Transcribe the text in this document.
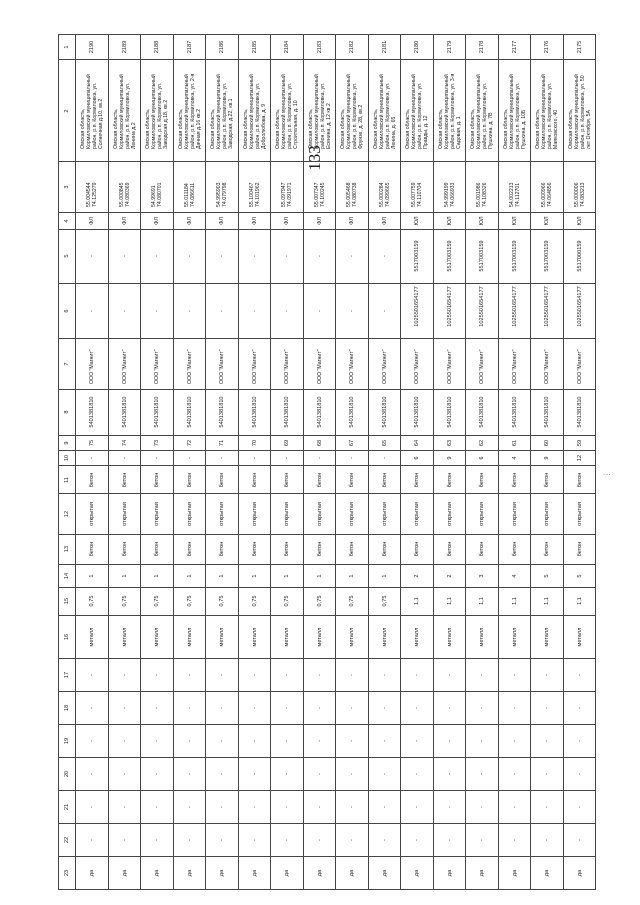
133
1	2190	2189	2188	2187	2186	2185	2184	2183	2182	2181	2180	2179	2178	2177	2176	2175

2	Омская область, Кормиловский муниципальный район, р.п. Кормиловка, ул. Солнечная д.10, кв.2	Омская область, Кормиловский муниципальный район, р.п. Кормиловка, ул. Ленина д.2	Омская область, Кормиловский муниципальный район, р.п. Кормиловка, ул. Заводская д.18, кв.2	Омская область, Кормиловский муниципальный район, р.п. Кормиловка, ул. 2-я Дачная д.16 кв.2	Омская область, Кормиловский муниципальный район, р.п. Кормиловка, ул. Заводская, д.22, кв.1	Омская область, Кормиловский муниципальный район, р.п. Кормиловка, ул. Добролюбова, д. 9	Омская область, Кормиловский муниципальный район, р.п. Кормиловка, ул. Строительная, д. 10	Омская область, Кормиловский муниципальный район, р.п. Кормиловка, ул. Есенина, д. 12 кв.2	Омская область, Кормиловский муниципальный район, р.п. Кормиловка, ул. Фрунзе, д. 28, кв.2	Омская область, Кормиловский муниципальный район, р.п. Кормиловка, ул. Ленина, д. 65	Омская область, Кормиловский муниципальный район, р.п. Кормиловка, ул. Правды, д. 12	Омская область, Кормиловский муниципальный район, р.п. Кормиловка, ул. 3-я Садовая, д. 1	Омская область, Кормиловский муниципальный район, р.п. Кормиловка, ул. Пушкина, д. 7В	Омская область, Кормиловский муниципальный район, р.п. Кормиловка, ул. Пушкина, д. 10Б	Омская область, Кормиловский муниципальный район, р.п. Кормиловка, ул. Маяковского, 40	Омская область, Кормиловский муниципальный район, р.п. Кормиловка, ул. 50 лет Октября, 5А

3	55.004544 74.125279	55.000845 74.080369	54.99691 74.080701	55.011184 74.086611	54.995903 74.079798	55.100467 74.101962	55.097947 74.091971	55.007347 74.100245	55.005468 74.080738	55.000284 74.099665	55.007759 74.110704	54.999199 74.066933	55.001986 74.108326	54.002213 74.112701	55.000966 74.064856	55.000006 74.083213

4	ФЛ	ФЛ	ФЛ	ФЛ	ФЛ	ФЛ	ФЛ	ФЛ	ФЛ	ФЛ	ЮЛ	ЮЛ	ЮЛ	ЮЛ	ЮЛ	ЮЛ

5	-	-	-	-	-	-	-	-	-	-	5517003159	5517003159	5517003159	5517003159	5517003159	5517000159

6	-	-	-	-	-	-	-	-	-	-	1025501654177	1025501654177	1025501654177	1025501654177	1025501654177	1025501654177

7	ООО "Магнит"	ООО "Магнит"	ООО "Магнит"	ООО "Магнит"	ООО "Магнит"	ООО "Магнит"	ООО "Магнит"	ООО "Магнит"	ООО "Магнит"	ООО "Магнит"	ООО "Магнит"	ООО "Магнит"	ООО "Магнит"	ООО "Магнит"	ООО "Магнит"	ООО "Магнит"

8	5401381810	5401381810	5401381810	5401381810	5401381810	5401381810	5401381810	5401381810	5401381810	5401381810	5401381810	5401381810	5401381810	5401381810	5401381810	5401381810

9	75	74	73	72	71	70	69	68	67	65	64	63	62	61	60	59

10	-	-	-	-	-	-	-	-	-	-	6	9	6	4	9	12

11	бетон	бетон	бетон	бетон	бетон	бетон	бетон	бетон	бетон	бетон	бетон	бетон	бетон	бетон	бетон	бетон

12	открытая	открытая	открытая	открытая	открытая	открытая	открытая	открытая	открытая	открытая	открытая	открытая	открытая	открытая	открытая	открытая

13	бетон	бетон	бетон	бетон	бетон	бетон	бетон	бетон	бетон	бетон	бетон	бетон	бетон	бетон	бетон	бетон

14	1	1	1	1	1	1	1	1	1	1	2	2	3	4	5	5

15	0,75	0,75	0,75	0,75	0,75	0,75	0,75	0,75	0,75	0,75	1,1	1,1	1,1	1,1	1,1	1,1

16	металл	металл	металл	металл	металл	металл	металл	металл	металл	металл	металл	металл	металл	металл	металл	металл

17	-	-	-	-	-	-	-	-	-	-	-	-	-	-	-	-

18	-	-	-	-	-	-	-	-	-	-	-	-	-	-	-	-

19	-	-	-	-	-	-	-	-	-	-	-	-	-	-	-	-

20	-	-	-	-	-	-	-	-	-	-	-	-	-	-	-	-

21	-	-	-	-	-	-	-	-	-	-	-	-	-	-	-	-

22	-	-	-	-	-	-	-	-	-	-	-	-	-	-	-	-

23	да	да	да	да	да	да	да	да	да	да	да	да	да	да	да	да
⋮
